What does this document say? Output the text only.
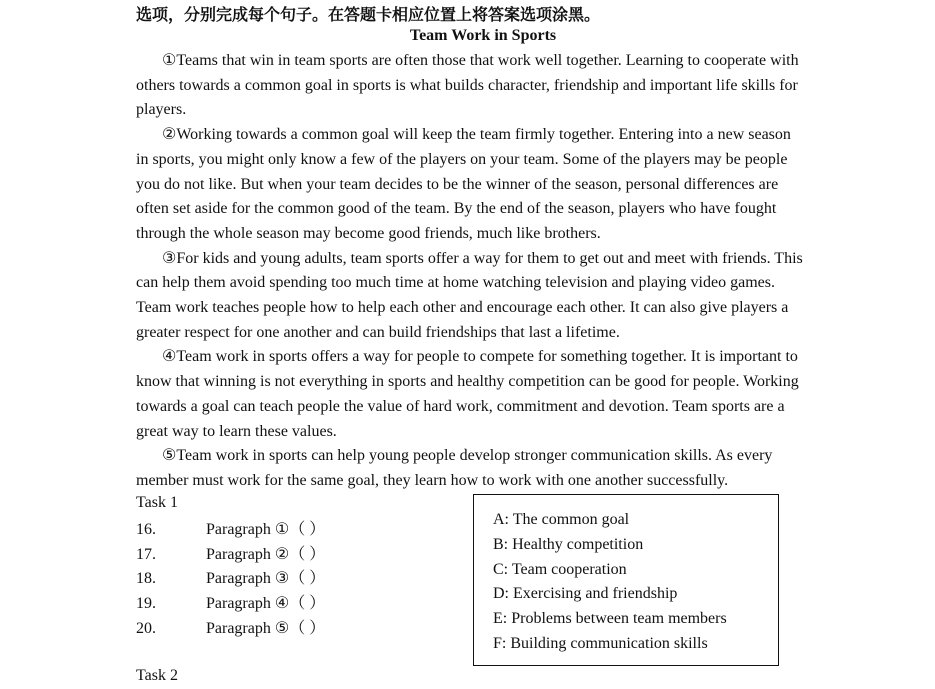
选项，分别完成每个句子。在答题卡相应位置上将答案选项涂黑。
Team Work in Sports

①Teams that win in team sports are often those that work well together. Learning to cooperate with others towards a common goal in sports is what builds character, friendship and important life skills for players.

②Working towards a common goal will keep the team firmly together. Entering into a new season in sports, you might only know a few of the players on your team. Some of the players may be people you do not like. But when your team decides to be the winner of the season, personal differences are often set aside for the common good of the team. By the end of the season, players who have fought through the whole season may become good friends, much like brothers.

③For kids and young adults, team sports offer a way for them to get out and meet with friends. This can help them avoid spending too much time at home watching television and playing video games. Team work teaches people how to help each other and encourage each other. It can also give players a greater respect for one another and can build friendships that last a lifetime.

④Team work in sports offers a way for people to compete for something together. It is important to know that winning is not everything in sports and healthy competition can be good for people. Working towards a goal can teach people the value of hard work, commitment and devotion. Team sports are a great way to learn these values.

⑤Team work in sports can help young people develop stronger communication skills. As every member must work for the same goal, they learn how to work with one another successfully.

Task 1
16.	Paragraph ①（ ）
17.	Paragraph ②（ ）
18.	Paragraph ③（ ）
19.	Paragraph ④（ ）
20.	Paragraph ⑤（ ）
A: The common goal
B: Healthy competition
C: Team cooperation
D: Exercising and friendship
E: Problems between team members
F: Building communication skills
Task 2
